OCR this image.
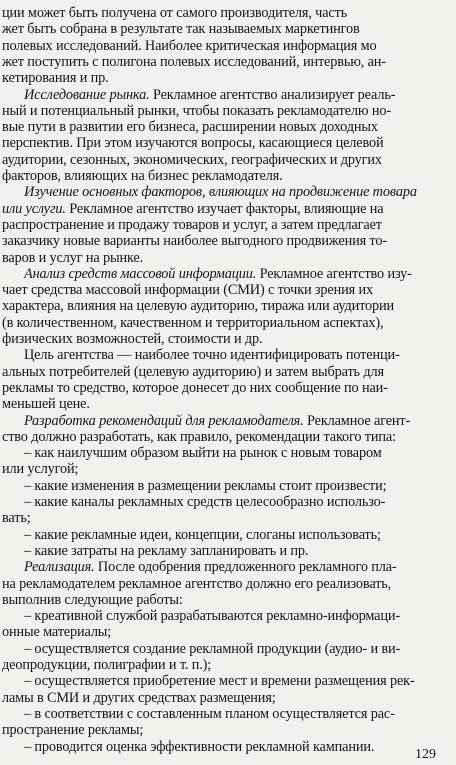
ции может быть получена от самого производителя, часть
жет быть собрана в результате так называемых маркетингов
полевых исследований. Наиболее критическая информация мо
жет поступить с полигона полевых исследований, интервью, ан-
кетирования и пр.
Исследование рынка. Рекламное агентство анализирует реаль-
ный и потенциальный рынки, чтобы показать рекламодателю но-
вые пути в развитии его бизнеса, расширении новых доходных
перспектив. При этом изучаются вопросы, касающиеся целевой
аудитории, сезонных, экономических, географических и других
факторов, влияющих на бизнес рекламодателя.
Изучение основных факторов, влияющих на продвижение товара
или услуги. Рекламное агентство изучает факторы, влияющие на
распространение и продажу товаров и услуг, а затем предлагает
заказчику новые варианты наиболее выгодного продвижения то-
варов и услуг на рынке.
Анализ средств массовой информации. Рекламное агентство изу-
чает средства массовой информации (СМИ) с точки зрения их
характера, влияния на целевую аудиторию, тиража или аудитории
(в количественном, качественном и территориальном аспектах),
физических возможностей, стоимости и др.
Цель агентства — наиболее точно идентифицировать потенци-
альных потребителей (целевую аудиторию) и затем выбрать для
рекламы то средство, которое донесет до них сообщение по наи-
меньшей цене.
Разработка рекомендаций для рекламодателя. Рекламное агент-
ство должно разработать, как правило, рекомендации такого типа:
– как наилучшим образом выйти на рынок с новым товаром
или услугой;
– какие изменения в размещении рекламы стоит произвести;
– какие каналы рекламных средств целесообразно использо-
вать;
– какие рекламные идеи, концепции, слоганы использовать;
– какие затраты на рекламу запланировать и пр.
Реализация. После одобрения предложенного рекламного пла-
на рекламодателем рекламное агентство должно его реализовать,
выполнив следующие работы:
– креативной службой разрабатываются рекламно-информаци-
онные материалы;
– осуществляется создание рекламной продукции (аудио- и ви-
деопродукции, полиграфии и т. п.);
– осуществляется приобретение мест и времени размещения рек-
ламы в СМИ и других средствах размещения;
– в соответствии с составленным планом осуществляется рас-
пространение рекламы;
– проводится оценка эффективности рекламной кампании.	129
